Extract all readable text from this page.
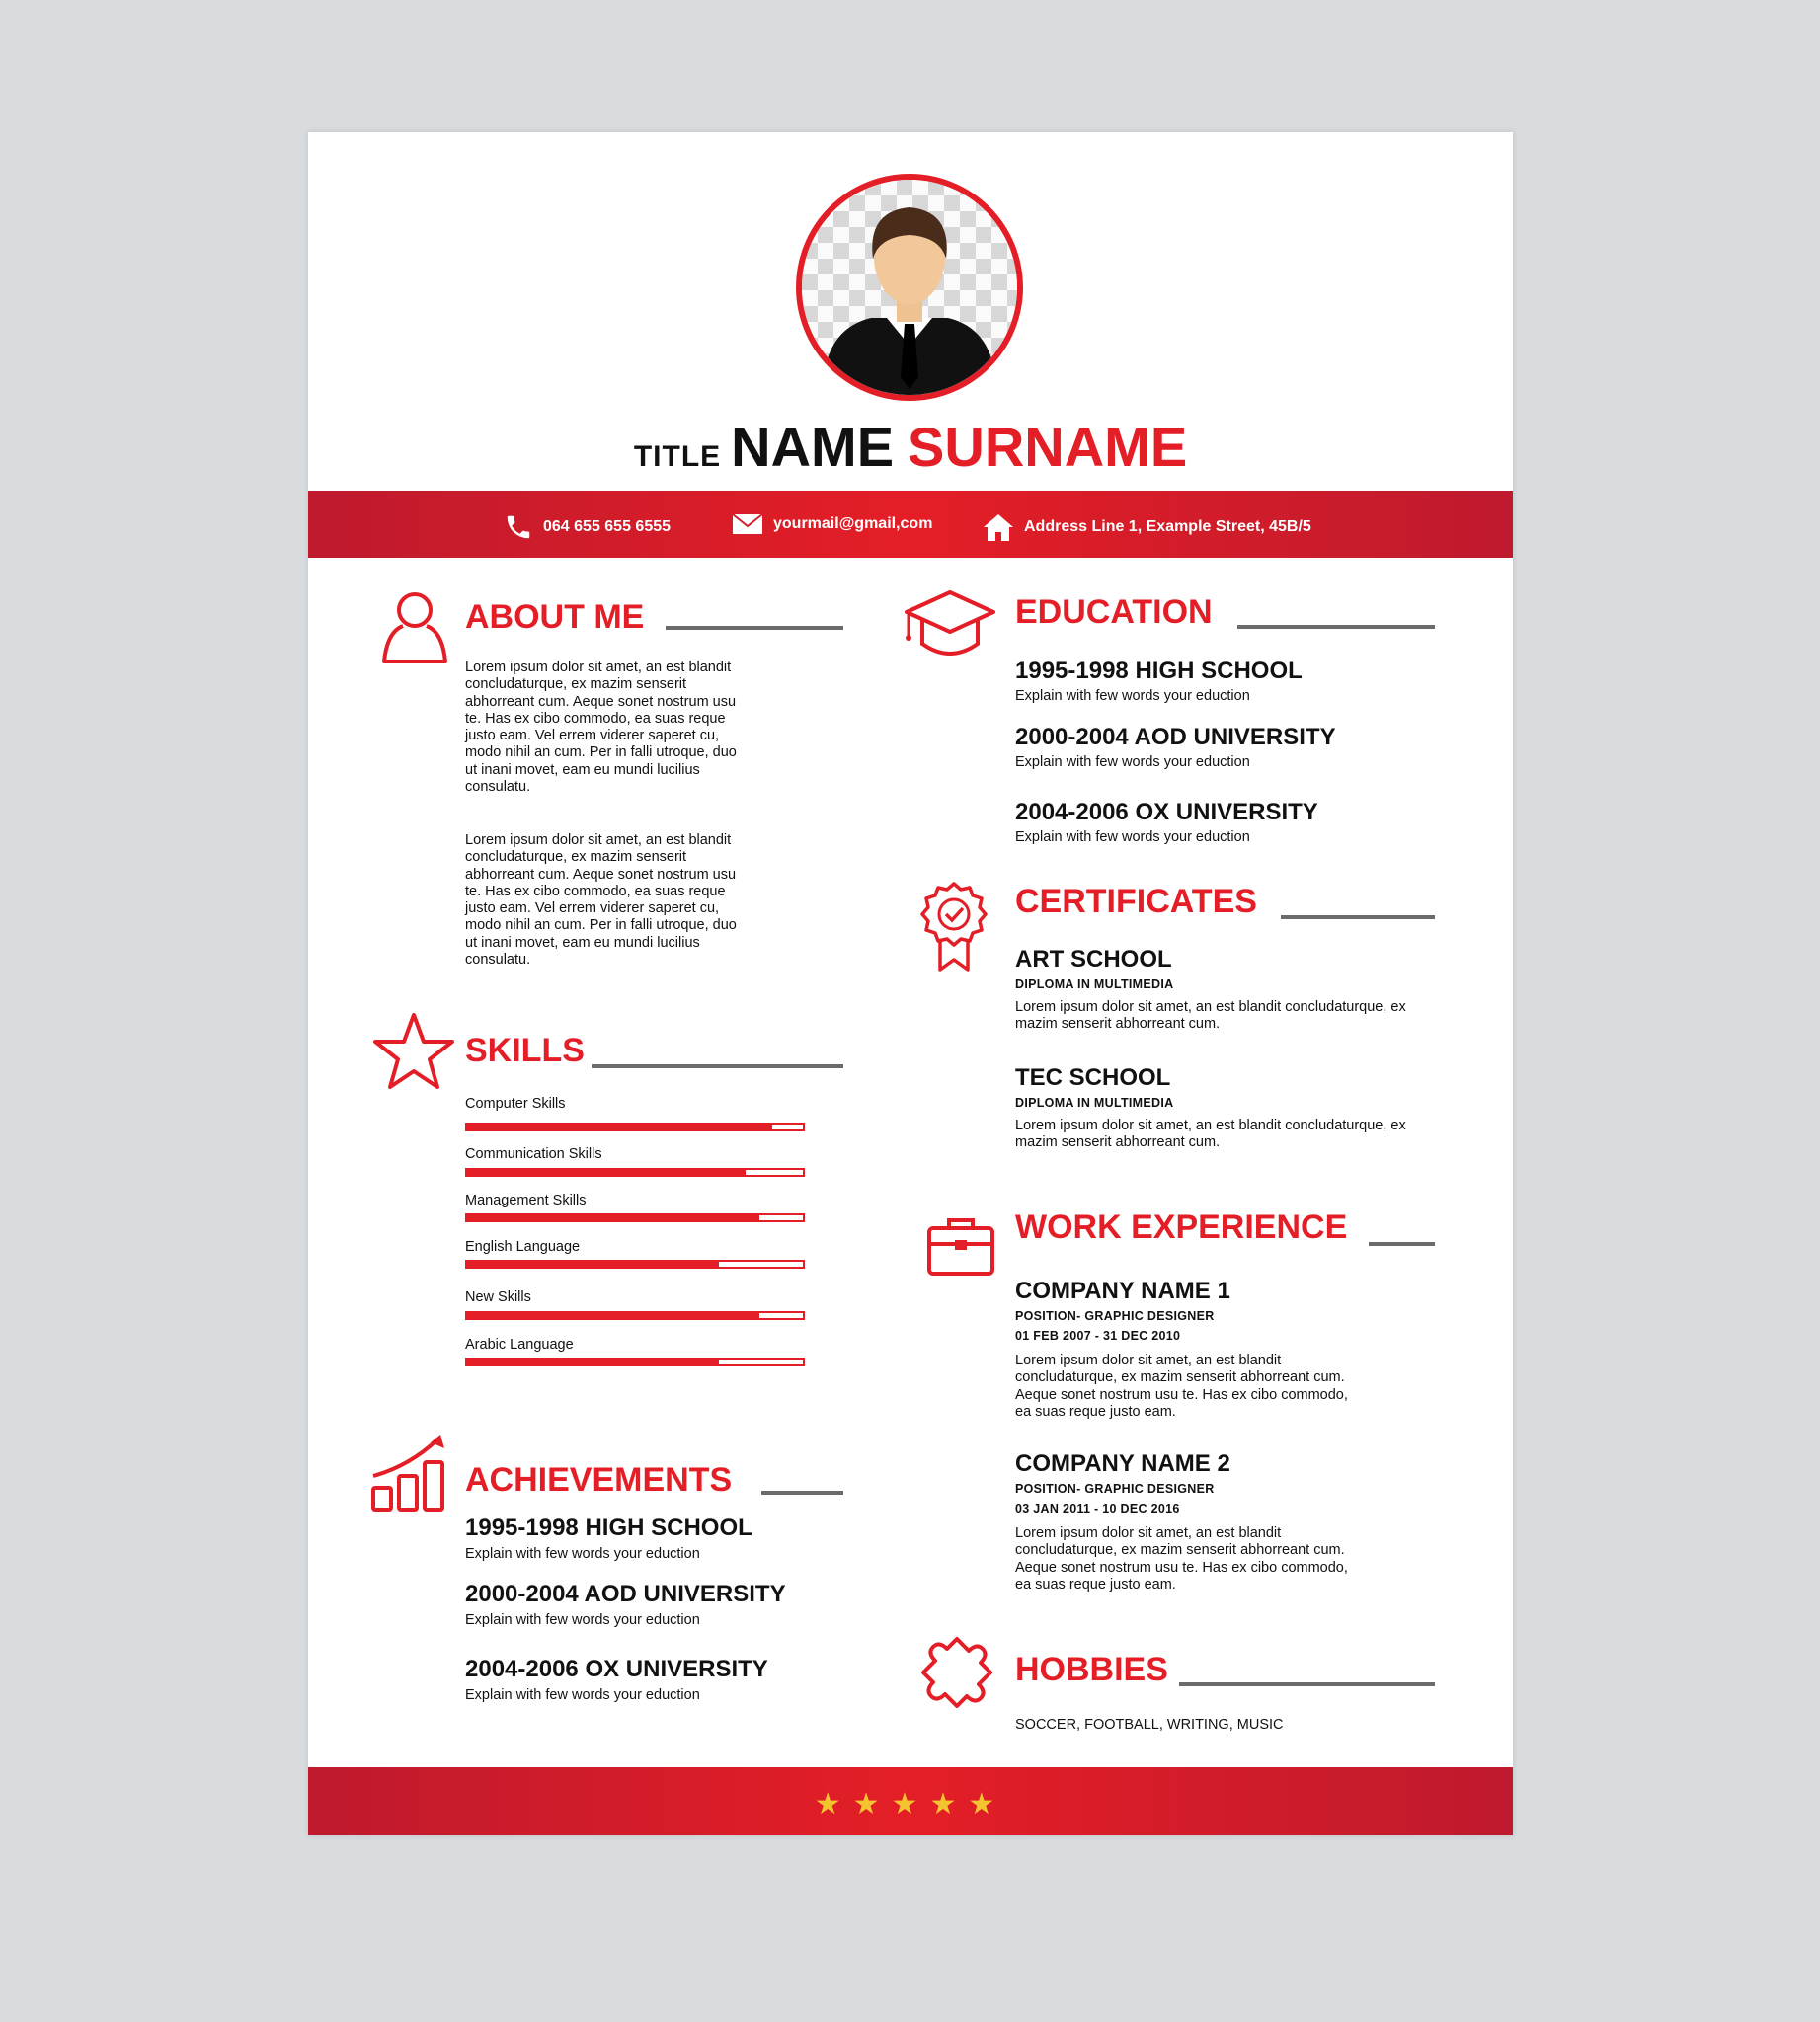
TITLE NAME SURNAME
064 655 655 6555	yourmail@gmail,com	Address Line 1, Example Street, 45B/5
ABOUT ME
Lorem ipsum dolor sit amet, an est blandit concludaturque, ex mazim senserit abhorreant cum. Aeque sonet nostrum usu te. Has ex cibo commodo, ea suas reque justo eam. Vel errem viderer saperet cu, modo nihil an cum. Per in falli utroque, duo ut inani movet, eam eu mundi lucilius consulatu.
Lorem ipsum dolor sit amet, an est blandit concludaturque, ex mazim senserit abhorreant cum. Aeque sonet nostrum usu te. Has ex cibo commodo, ea suas reque justo eam. Vel errem viderer saperet cu, modo nihil an cum. Per in falli utroque, duo ut inani movet, eam eu mundi lucilius consulatu.
SKILLS
Computer Skills
Communication Skills
Management Skills
English Language
New Skills
Arabic Language
ACHIEVEMENTS
1995-1998 HIGH SCHOOL
Explain with few words your eduction
2000-2004 AOD UNIVERSITY
Explain with few words your eduction
2004-2006 OX UNIVERSITY
Explain with few words your eduction
EDUCATION
1995-1998 HIGH SCHOOL
Explain with few words your eduction
2000-2004 AOD UNIVERSITY
Explain with few words your eduction
2004-2006 OX UNIVERSITY
Explain with few words your eduction
CERTIFICATES
ART SCHOOL
DIPLOMA IN MULTIMEDIA
Lorem ipsum dolor sit amet, an est blandit concludaturque, ex mazim senserit abhorreant cum.
TEC SCHOOL
DIPLOMA IN MULTIMEDIA
Lorem ipsum dolor sit amet, an est blandit concludaturque, ex mazim senserit abhorreant cum.
WORK EXPERIENCE
COMPANY NAME 1
POSITION- GRAPHIC DESIGNER
01 FEB 2007 - 31 DEC 2010
Lorem ipsum dolor sit amet, an est blandit concludaturque, ex mazim senserit abhorreant cum. Aeque sonet nostrum usu te. Has ex cibo commodo, ea suas reque justo eam.
COMPANY NAME 2
POSITION- GRAPHIC DESIGNER
03 JAN 2011 - 10 DEC 2016
Lorem ipsum dolor sit amet, an est blandit concludaturque, ex mazim senserit abhorreant cum. Aeque sonet nostrum usu te. Has ex cibo commodo, ea suas reque justo eam.
HOBBIES
SOCCER, FOOTBALL, WRITING, MUSIC
★★★★★
